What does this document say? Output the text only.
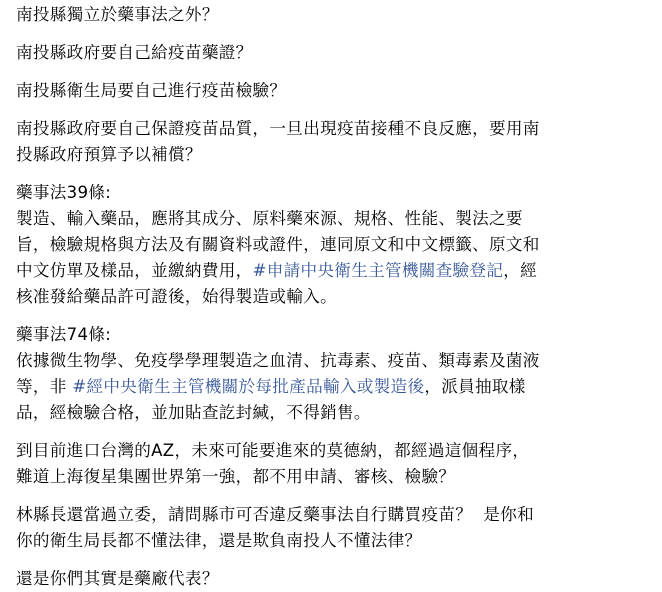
南投縣獨立於藥事法之外？
南投縣政府要自己給疫苗藥證？
南投縣衛生局要自己進行疫苗檢驗？
南投縣政府要自己保證疫苗品質，一旦出現疫苗接種不良反應，要用南
投縣政府預算予以補償？
藥事法39條:
製造、輸入藥品，應將其成分、原料藥來源、規格、性能、製法之要
旨，檢驗規格與方法及有關資料或證件，連同原文和中文標籤、原文和
中文仿單及樣品，並繳納費用，#申請中央衛生主管機關查驗登記，經
核准發給藥品許可證後，始得製造或輸入。
藥事法74條:
依據微生物學、免疫學學理製造之血清、抗毒素、疫苗、類毒素及菌液
等，非 #經中央衛生主管機關於每批產品輸入或製造後，派員抽取樣
品，經檢驗合格，並加貼查訖封緘，不得銷售。
到目前進口台灣的AZ，未來可能要進來的莫德納，都經過這個程序，
難道上海復星集團世界第一強，都不用申請、審核、檢驗？
林縣長還當過立委，請問縣市可否違反藥事法自行購買疫苗？  是你和
你的衛生局長都不懂法律，還是欺負南投人不懂法律？
還是你們其實是藥廠代表？
